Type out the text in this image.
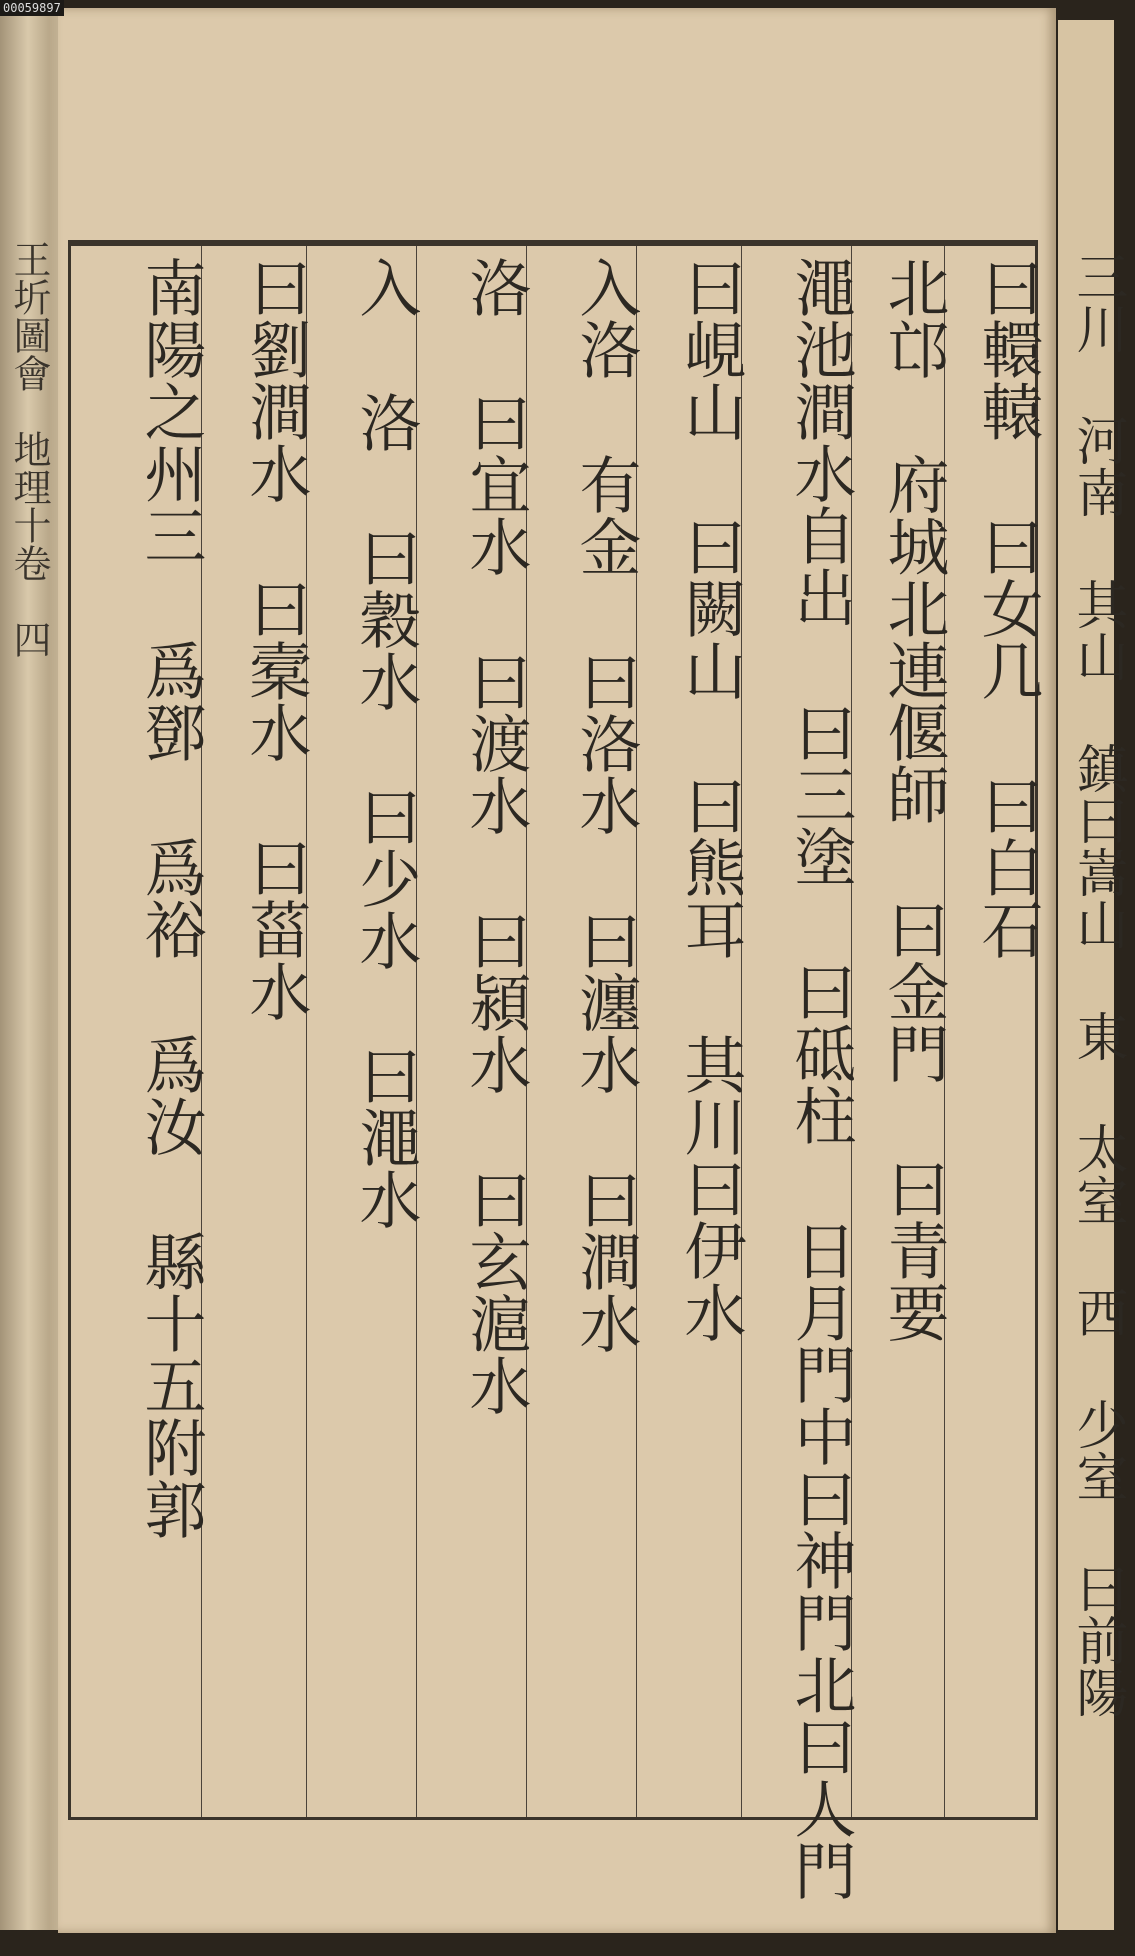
00059897
王圻圖會　地理十卷　四	曰轘轅 曰女几 曰白石
北邙 府城北連偃師 曰金門 曰青要
澠池澗水自出 曰三塗 曰砥柱 日月門中曰神門北曰人門
曰峴山 曰闕山 曰熊耳 其川曰伊水
入洛 有金 曰洛水 曰瀍水 曰澗水
洛 曰宜水 曰渡水 曰潁水 曰玄滬水
入 洛 曰穀水 曰少水 曰澠水
曰劉澗水 曰槖水 曰菑水
南陽之州三 爲鄧 爲裕 爲汝 縣十五附郭	三川 河南 其山 鎮曰嵩山 東 太室 西 少室 曰前陽
